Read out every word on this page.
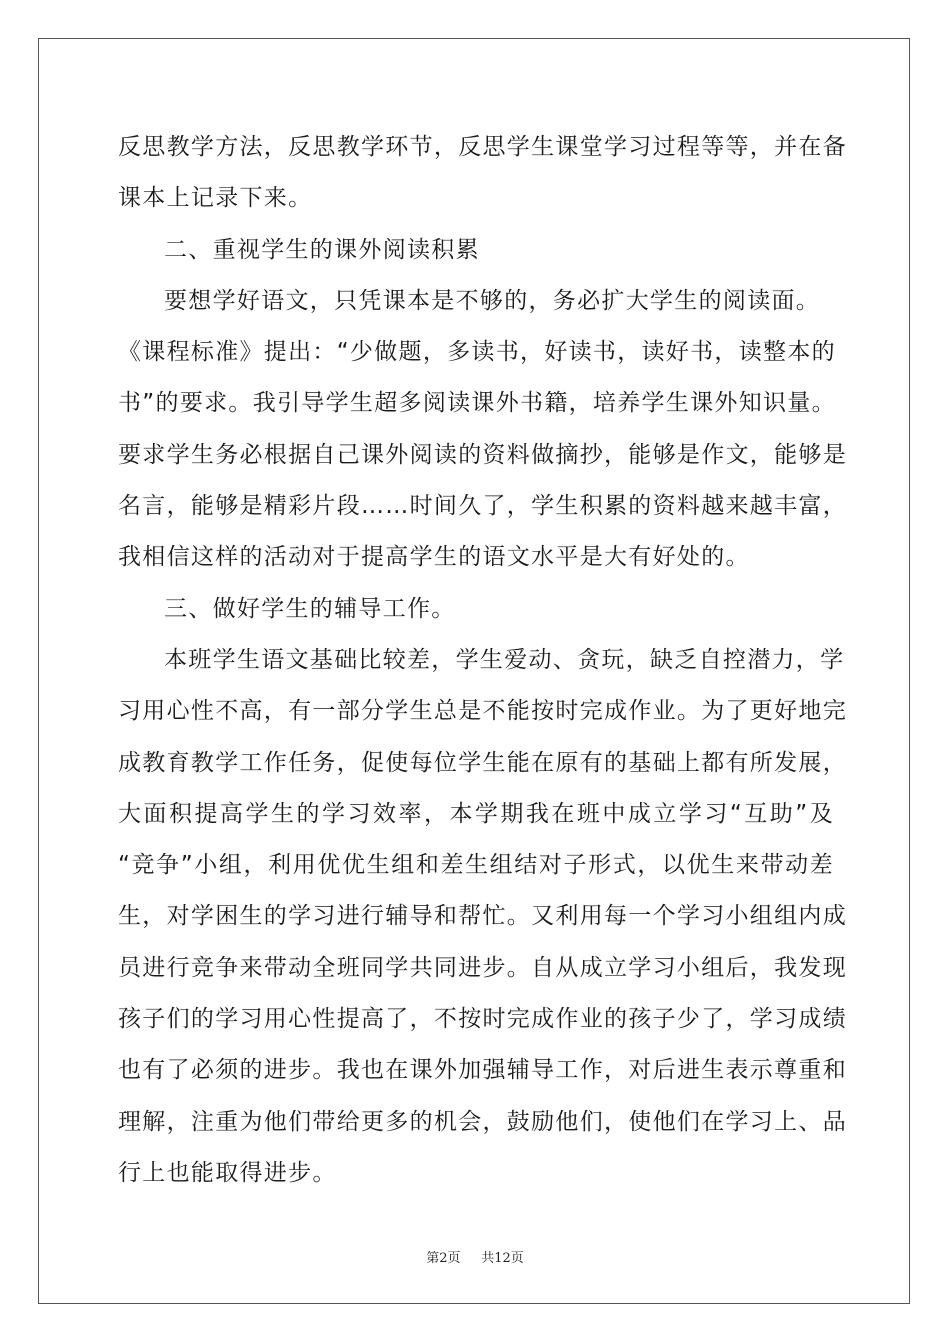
反思教学方法，反思教学环节，反思学生课堂学习过程等等，并在备
课本上记录下来。
二、重视学生的课外阅读积累
要想学好语文，只凭课本是不够的，务必扩大学生的阅读面。
《课程标准》提出：“少做题，多读书，好读书，读好书，读整本的
书”的要求。我引导学生超多阅读课外书籍，培养学生课外知识量。
要求学生务必根据自己课外阅读的资料做摘抄，能够是作文，能够是
名言，能够是精彩片段……时间久了，学生积累的资料越来越丰富，
我相信这样的活动对于提高学生的语文水平是大有好处的。
三、做好学生的辅导工作。
本班学生语文基础比较差，学生爱动、贪玩，缺乏自控潜力，学
习用心性不高，有一部分学生总是不能按时完成作业。为了更好地完
成教育教学工作任务，促使每位学生能在原有的基础上都有所发展，
大面积提高学生的学习效率，本学期我在班中成立学习“互助”及
“竞争”小组，利用优优生组和差生组结对子形式，以优生来带动差
生，对学困生的学习进行辅导和帮忙。又利用每一个学习小组组内成
员进行竞争来带动全班同学共同进步。自从成立学习小组后，我发现
孩子们的学习用心性提高了，不按时完成作业的孩子少了，学习成绩
也有了必须的进步。我也在课外加强辅导工作，对后进生表示尊重和
理解，注重为他们带给更多的机会，鼓励他们，使他们在学习上、品
行上也能取得进步。
第2页 共12页
